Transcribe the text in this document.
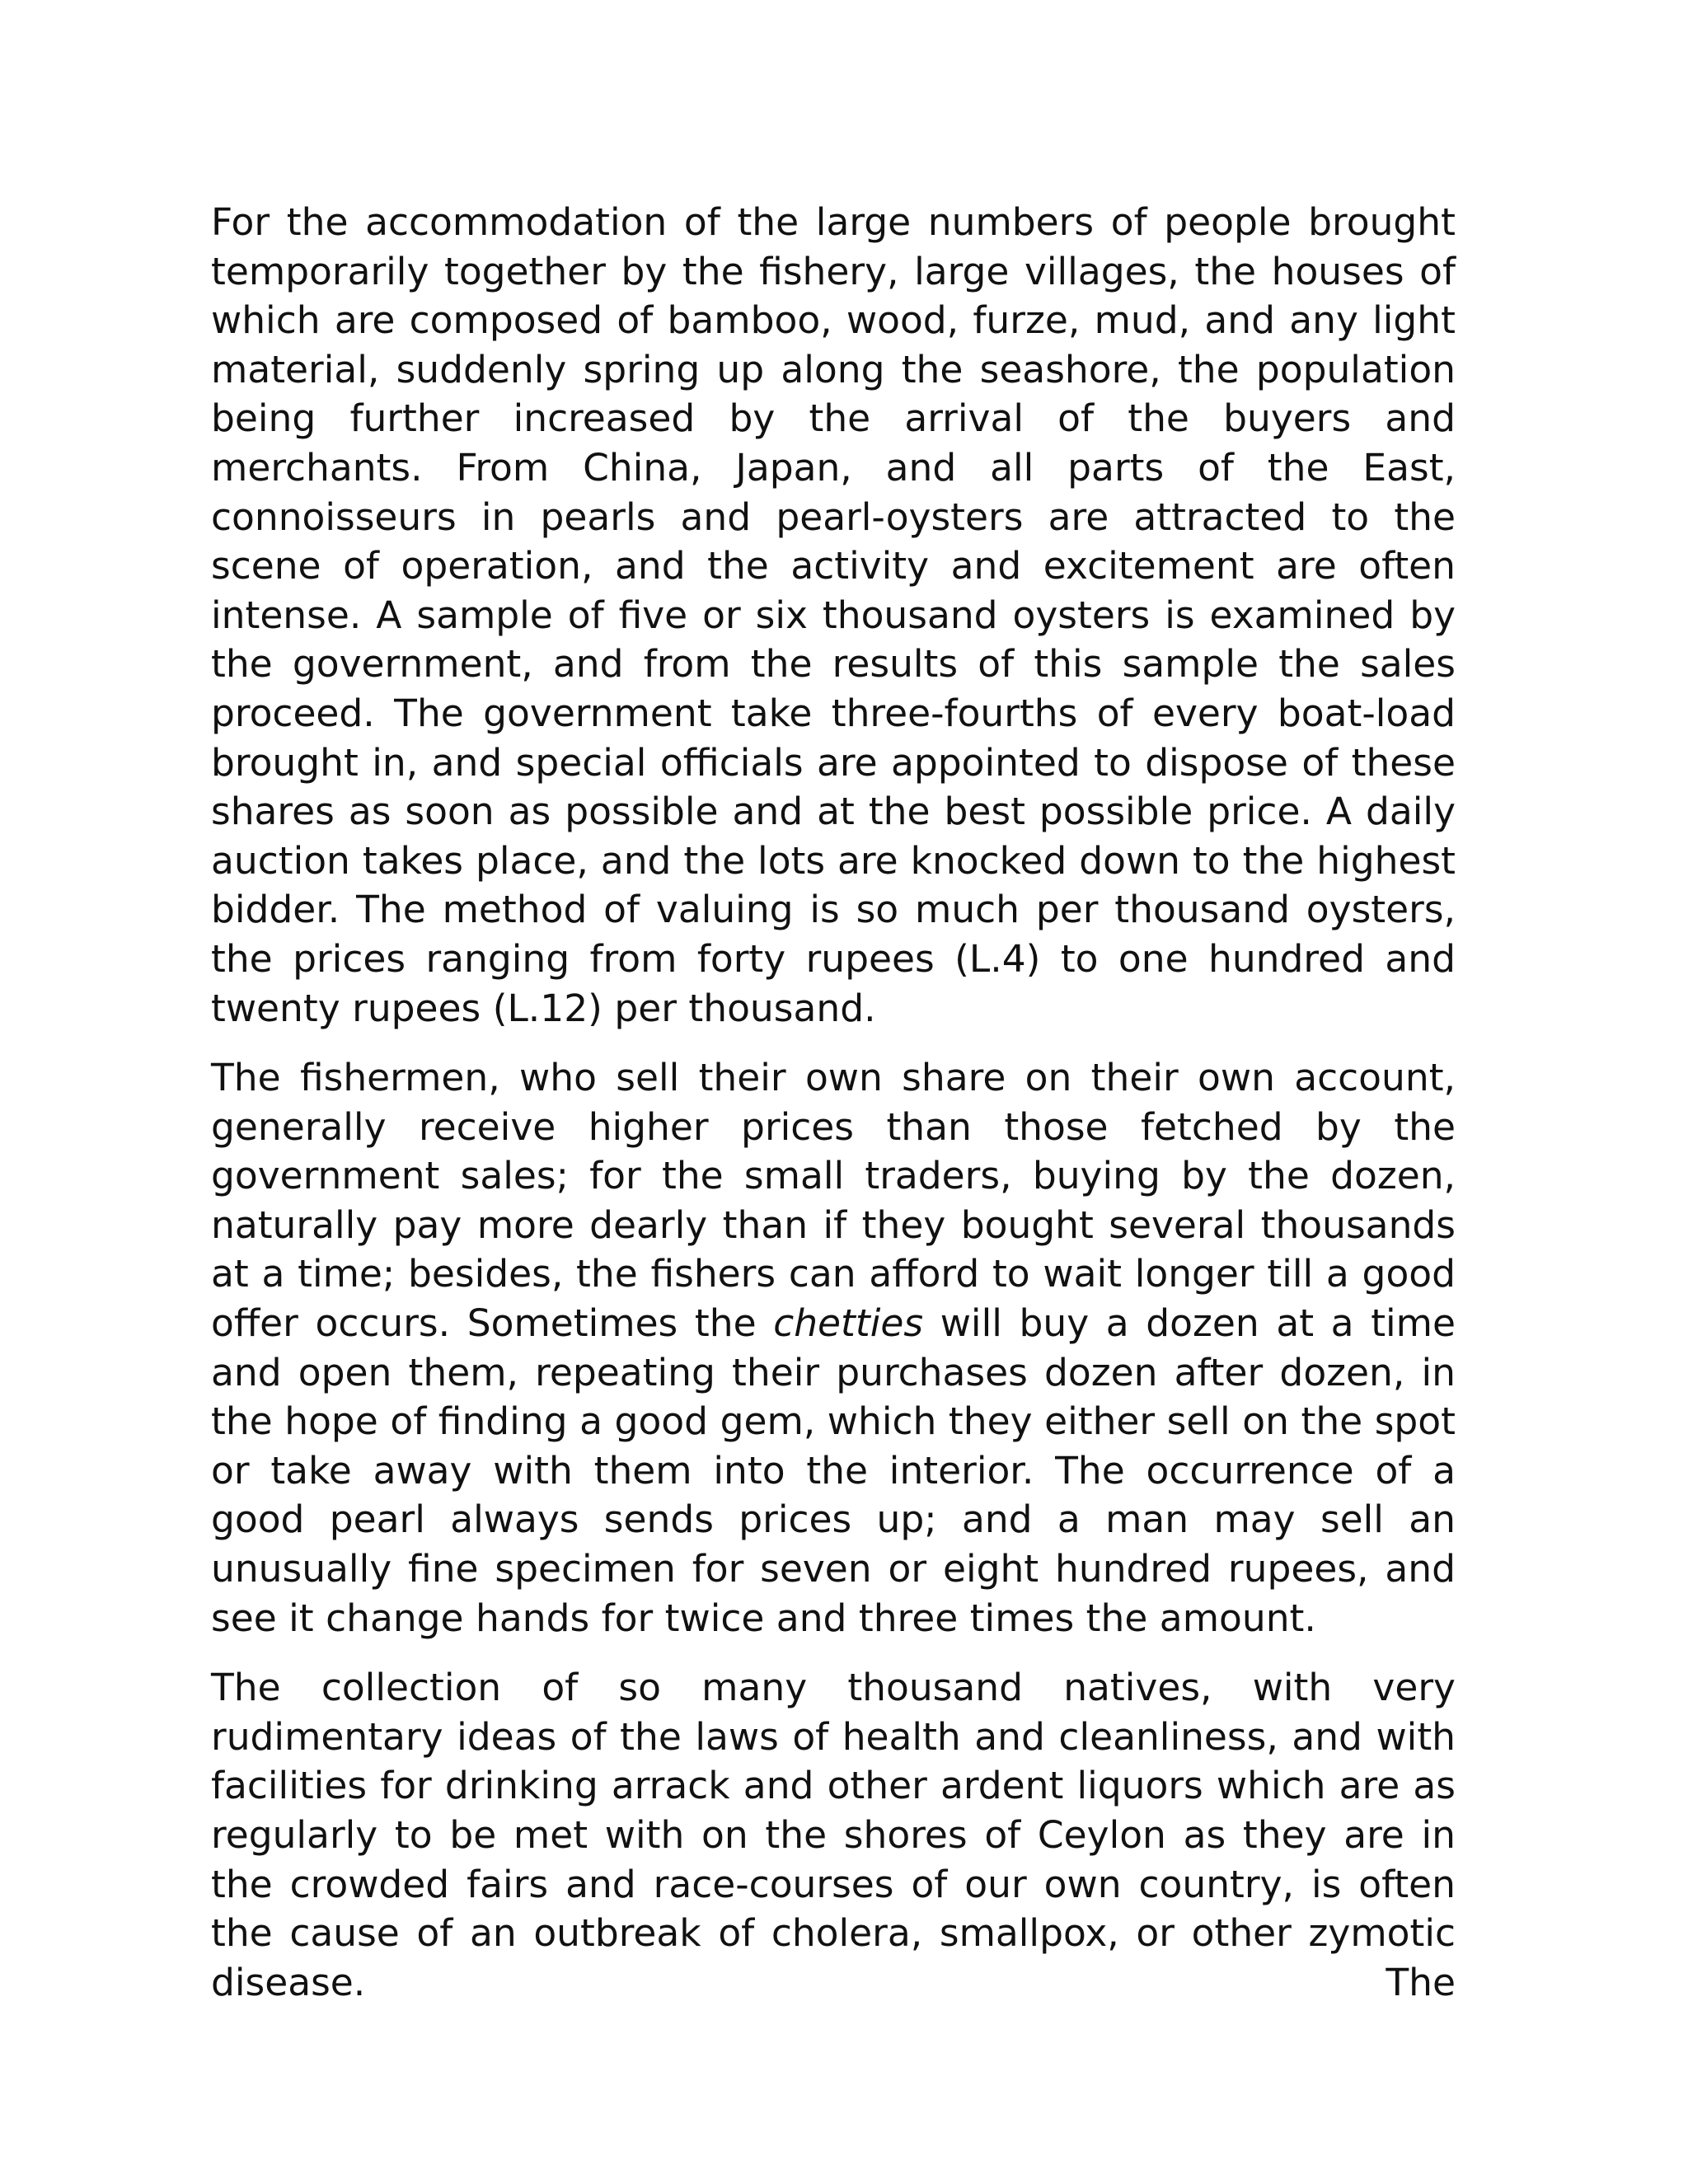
For the accommodation of the large numbers of people brought temporarily together by the fishery, large villages, the houses of which are composed of bamboo, wood, furze, mud, and any light material, suddenly spring up along the seashore, the population being further increased by the arrival of the buyers and merchants. From China, Japan, and all parts of the East, connoisseurs in pearls and pearl-oysters are attracted to the scene of operation, and the activity and excitement are often intense. A sample of five or six thousand oysters is examined by the government, and from the results of this sample the sales proceed. The government take three-fourths of every boat-load brought in, and special officials are appointed to dispose of these shares as soon as possible and at the best possible price. A daily auction takes place, and the lots are knocked down to the highest bidder. The method of valuing is so much per thousand oysters, the prices ranging from forty rupees (L.4) to one hundred and twenty rupees (L.12) per thousand.

The fishermen, who sell their own share on their own account, generally receive higher prices than those fetched by the government sales; for the small traders, buying by the dozen, naturally pay more dearly than if they bought several thousands at a time; besides, the fishers can afford to wait longer till a good offer occurs. Sometimes the chetties will buy a dozen at a time and open them, repeating their purchases dozen after dozen, in the hope of finding a good gem, which they either sell on the spot or take away with them into the interior. The occurrence of a good pearl always sends prices up; and a man may sell an unusually fine specimen for seven or eight hundred rupees, and see it change hands for twice and three times the amount.

The collection of so many thousand natives, with very rudimentary ideas of the laws of health and cleanliness, and with facilities for drinking arrack and other ardent liquors which are as regularly to be met with on the shores of Ceylon as they are in the crowded fairs and race-courses of our own country, is often the cause of an outbreak of cholera, smallpox, or other zymotic disease. The
